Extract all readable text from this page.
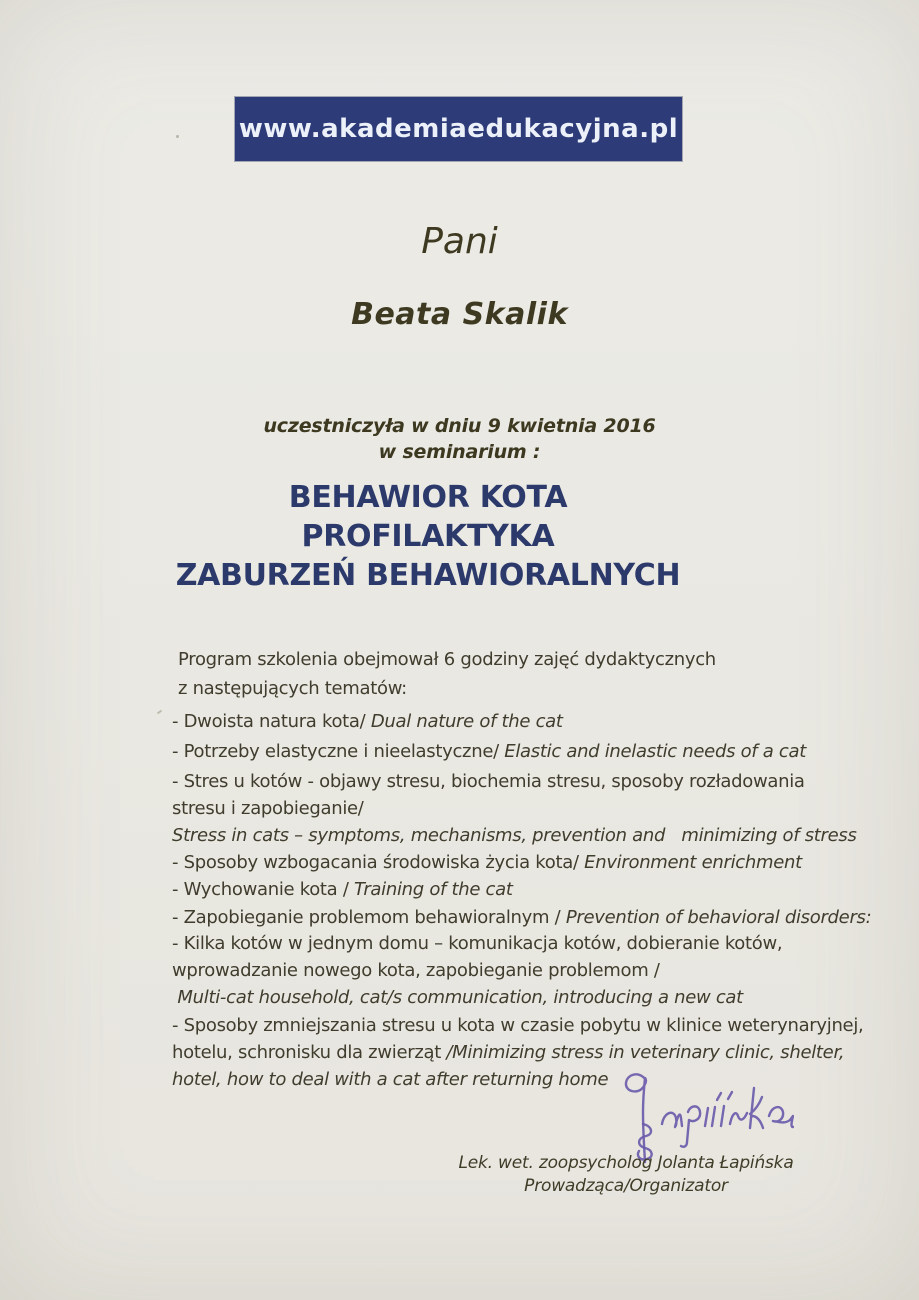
www.akademiaedukacyjna.pl
Pani
Beata Skalik
uczestniczyła w dniu 9 kwietnia 2016
w seminarium :
BEHAWIOR KOTA
PROFILAKTYKA
ZABURZEŃ BEHAWIORALNYCH
Program szkolenia obejmował 6 godziny zajęć dydaktycznych
z następujących tematów:
- Dwoista natura kota/ Dual nature of the cat
- Potrzeby elastyczne i nieelastyczne/ Elastic and inelastic needs of a cat
- Stres u kotów - objawy stresu, biochemia stresu, sposoby rozładowania
stresu i zapobieganie/
Stress in cats – symptoms, mechanisms, prevention and   minimizing of stress
- Sposoby wzbogacania środowiska życia kota/ Environment enrichment
- Wychowanie kota / Training of the cat
- Zapobieganie problemom behawioralnym / Prevention of behavioral disorders:
- Kilka kotów w jednym domu – komunikacja kotów, dobieranie kotów,
wprowadzanie nowego kota, zapobieganie problemom /
Multi-cat household, cat/s communication, introducing a new cat
- Sposoby zmniejszania stresu u kota w czasie pobytu w klinice weterynaryjnej,
hotelu, schronisku dla zwierząt /Minimizing stress in veterinary clinic, shelter,
hotel, how to deal with a cat after returning home
Lek. wet. zoopsycholog Jolanta Łapińska
Prowadząca/Organizator
